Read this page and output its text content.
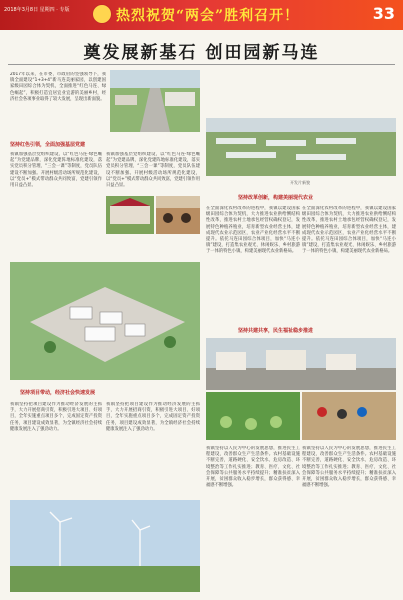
2018年3月8日 星期四 · 专版	热烈祝贺“两会”胜利召开！	33
奠发展新基石 创田园新马连
2017年以来，在市委、市政府的坚强领导下，我镇全面建设“1+3+4”新马连美丽家园，以创建国家级田园综合体为契机，全面推进“红色马连、绿色崛起”，积极打造宜居宜业宜游的美丽乡村，经济社会各项事业取得了较大发展，呈现出新面貌。
坚持红色引领，全面加强基层党建
我镇加强基层党组织建设，以“红色马连·绿色崛起”为党建品牌，深化党建阵地标准化建设，落实党员积分管理、“三会一课”等制度，党员队伍建设不断加强。开展村级活动场所规范化建设，以“党员+”模式带动群众共同致富，党建引领作用日益凸显。
我镇加强基层党组织建设，以“红色马连·绿色崛起”为党建品牌，深化党建阵地标准化建设，落实党员积分管理、“三会一课”等制度，党员队伍建设不断加强。开展村级活动场所规范化建设，以“党员+”模式带动群众共同致富，党建引领作用日益凸显。
开发片新貌
坚持改革创新，构建美丽现代农业
在全面深化农村改革的进程中，我镇以建设国家级田园综合体为契机，大力推进农业供给侧结构性改革，推进农村土地承包经营权确权登记，发展特色种植养殖业，培育新型农业经营主体，建成现代农业示范园区，农业产业化经营水平不断提升。依托马连田园综合体项目，加快“马连小镇”建设，打造集农业观光、休闲娱乐、乡村旅游于一体的特色小镇，构建美丽现代农业新格局。
在全面深化农村改革的进程中，我镇以建设国家级田园综合体为契机，大力推进农业供给侧结构性改革，推进农村土地承包经营权确权登记，发展特色种植养殖业，培育新型农业经营主体，建成现代农业示范园区，农业产业化经营水平不断提升。依托马连田园综合体项目，加快“马连小镇”建设，打造集农业观光、休闲娱乐、乡村旅游于一体的特色小镇，构建美丽现代农业新格局。
坚持共建共享，民生福祉稳步推进
坚持项目带动，经济社会快速发展
我镇坚持把项目建设作为推动经济发展的主抓手，大力开展招商引资，积极引进大项目、好项目，全年实施重点项目多个，完成固定资产投资任务，项目建设成效显著，为全镇经济社会持续健康发展注入了强劲动力。
我镇坚持把项目建设作为推动经济发展的主抓手，大力开展招商引资，积极引进大项目、好项目，全年实施重点项目多个，完成固定资产投资任务，项目建设成效显著，为全镇经济社会持续健康发展注入了强劲动力。
我镇坚持以人民为中心的发展思想，推进民生工程建设，改善群众生产生活条件。农村基础设施不断完善，道路硬化、安全饮水、危房改造、环境整治等工作扎实推进；教育、医疗、文化、社会保障等公共服务水平持续提升；精准扶贫深入开展，贫困群众收入稳步增长，群众获得感、幸福感不断增强。
我镇坚持以人民为中心的发展思想，推进民生工程建设，改善群众生产生活条件。农村基础设施不断完善，道路硬化、安全饮水、危房改造、环境整治等工作扎实推进；教育、医疗、文化、社会保障等公共服务水平持续提升；精准扶贫深入开展，贫困群众收入稳步增长，群众获得感、幸福感不断增强。
